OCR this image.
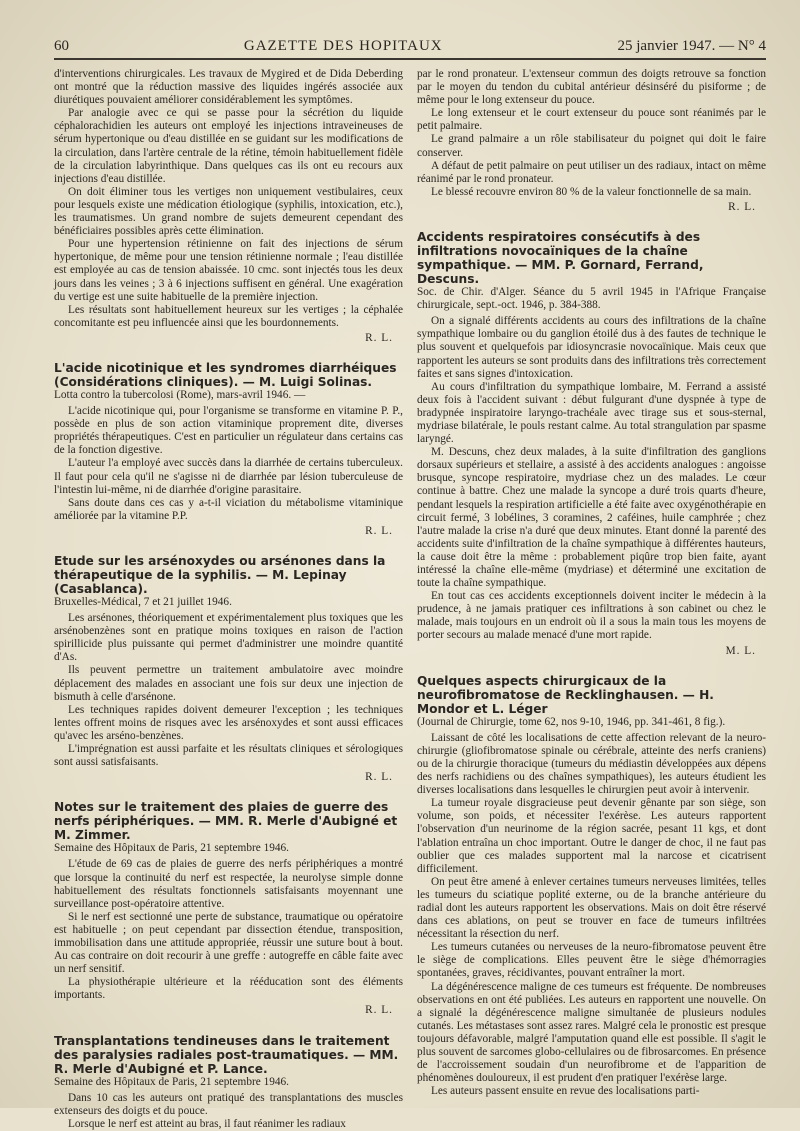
60	GAZETTE DES HOPITAUX	25 janvier 1947. — N° 4

d'interventions chirurgicales. Les travaux de Mygired et de Dida Deberding ont montré que la réduction massive des liquides ingérés associée aux diurétiques pouvaient améliorer considérablement les symptômes.

Par analogie avec ce qui se passe pour la sécrétion du liquide céphalorachidien les auteurs ont employé les injections intraveineuses de sérum hypertonique ou d'eau distillée en se guidant sur les modifications de la circulation, dans l'artère centrale de la rétine, témoin habituellement fidèle de la circulation labyrinthique. Dans quelques cas ils ont eu recours aux injections d'eau distillée.

On doit éliminer tous les vertiges non uniquement vestibulaires, ceux pour lesquels existe une médication étiologique (syphilis, intoxication, etc.), les traumatismes. Un grand nombre de sujets demeurent cependant des bénéficiaires possibles après cette élimination.

Pour une hypertension rétinienne on fait des injections de sérum hypertonique, de même pour une tension rétinienne normale ; l'eau distillée est employée au cas de tension abaissée. 10 cmc. sont injectés tous les deux jours dans les veines ; 3 à 6 injections suffisent en général. Une exagération du vertige est une suite habituelle de la première injection.

Les résultats sont habituellement heureux sur les vertiges ; la céphalée concomitante est peu influencée ainsi que les bourdonnements.

R. L.
L'acide nicotinique et les syndromes diarrhéiques (Considérations cliniques). — M. Luigi Solinas.
Lotta contro la tubercolosi (Rome), mars-avril 1946. —

L'acide nicotinique qui, pour l'organisme se transforme en vitamine P. P., possède en plus de son action vitaminique proprement dite, diverses propriétés thérapeutiques. C'est en particulier un régulateur dans certains cas de la fonction digestive.

L'auteur l'a employé avec succès dans la diarrhée de certains tuberculeux. Il faut pour cela qu'il ne s'agisse ni de diarrhée par lésion tuberculeuse de l'intestin lui-même, ni de diarrhée d'origine parasitaire.

Sans doute dans ces cas y a-t-il viciation du métabolisme vitaminique améliorée par la vitamine P.P.

R. L.
Etude sur les arsénoxydes ou arsénones dans la thérapeutique de la syphilis. — M. Lepinay (Casablanca).
Bruxelles-Médical, 7 et 21 juillet 1946.

Les arsénones, théoriquement et expérimentalement plus toxiques que les arsénobenzènes sont en pratique moins toxiques en raison de l'action spirillicide plus puissante qui permet d'administrer une moindre quantité d'As.

Ils peuvent permettre un traitement ambulatoire avec moindre déplacement des malades en associant une fois sur deux une injection de bismuth à celle d'arsénone.

Les techniques rapides doivent demeurer l'exception ; les techniques lentes offrent moins de risques avec les arsénoxydes et sont aussi efficaces qu'avec les arséno-benzènes.

L'imprégnation est aussi parfaite et les résultats cliniques et sérologiques sont aussi satisfaisants.

R. L.
Notes sur le traitement des plaies de guerre des nerfs périphériques. — MM. R. Merle d'Aubigné et M. Zimmer.
Semaine des Hôpitaux de Paris, 21 septembre 1946.

L'étude de 69 cas de plaies de guerre des nerfs périphériques a montré que lorsque la continuité du nerf est respectée, la neurolyse simple donne habituellement des résultats fonctionnels satisfaisants moyennant une surveillance post-opératoire attentive.

Si le nerf est sectionné une perte de substance, traumatique ou opératoire est habituelle ; on peut cependant par dissection étendue, transposition, immobilisation dans une attitude appropriée, réussir une suture bout à bout. Au cas contraire on doit recourir à une greffe : autogreffe en câble faite avec un nerf sensitif.

La physiothérapie ultérieure et la rééducation sont des éléments importants.

R. L.
Transplantations tendineuses dans le traitement des paralysies radiales post-traumatiques. — MM. R. Merle d'Aubigné et P. Lance.
Semaine des Hôpitaux de Paris, 21 septembre 1946.

Dans 10 cas les auteurs ont pratiqué des transplantations des muscles extenseurs des doigts et du pouce.

Lorsque le nerf est atteint au bras, il faut réanimer les radiaux

par le rond pronateur. L'extenseur commun des doigts retrouve sa fonction par le moyen du tendon du cubital antérieur désinséré du pisiforme ; de même pour le long extenseur du pouce.

Le long extenseur et le court extenseur du pouce sont réanimés par le petit palmaire.

Le grand palmaire a un rôle stabilisateur du poignet qui doit le faire conserver.

A défaut de petit palmaire on peut utiliser un des radiaux, intact on même réanimé par le rond pronateur.

Le blessé recouvre environ 80 % de la valeur fonctionnelle de sa main.

R. L.
Accidents respiratoires consécutifs à des infiltrations novocaïniques de la chaîne sympathique. — MM. P. Gornard, Ferrand, Descuns.
Soc. de Chir. d'Alger. Séance du 5 avril 1945 in l'Afrique Française chirurgicale, sept.-oct. 1946, p. 384-388.

On a signalé différents accidents au cours des infiltrations de la chaîne sympathique lombaire ou du ganglion étoilé dus à des fautes de technique le plus souvent et quelquefois par idiosyncrasie novocaïnique. Mais ceux que rapportent les auteurs se sont produits dans des infiltrations très correctement faites et sans signes d'intoxication.

Au cours d'infiltration du sympathique lombaire, M. Ferrand a assisté deux fois à l'accident suivant : début fulgurant d'une dyspnée à type de bradypnée inspiratoire laryngo-trachéale avec tirage sus et sous-sternal, mydriase bilatérale, le pouls restant calme. Au total strangulation par spasme laryngé.

M. Descuns, chez deux malades, à la suite d'infiltration des ganglions dorsaux supérieurs et stellaire, a assisté à des accidents analogues : angoisse brusque, syncope respiratoire, mydriase chez un des malades. Le cœur continue à battre. Chez une malade la syncope a duré trois quarts d'heure, pendant lesquels la respiration artificielle a été faite avec oxygénothérapie en circuit fermé, 3 lobélines, 3 coramines, 2 caféines, huile camphrée ; chez l'autre malade la crise n'a duré que deux minutes. Etant donné la parenté des accidents suite d'infiltration de la chaîne sympathique à différentes hauteurs, la cause doit être la même : probablement piqûre trop bien faite, ayant intéressé la chaîne elle-même (mydriase) et déterminé une excitation de toute la chaîne sympathique.

En tout cas ces accidents exceptionnels doivent inciter le médecin à la prudence, à ne jamais pratiquer ces infiltrations à son cabinet ou chez le malade, mais toujours en un endroit où il a sous la main tous les moyens de porter secours au malade menacé d'une mort rapide.

M. L.
Quelques aspects chirurgicaux de la neurofibromatose de Recklinghausen. — H. Mondor et L. Léger
(Journal de Chirurgie, tome 62, nos 9-10, 1946, pp. 341-461, 8 fig.).

Laissant de côté les localisations de cette affection relevant de la neuro-chirurgie (gliofibromatose spinale ou cérébrale, atteinte des nerfs craniens) ou de la chirurgie thoracique (tumeurs du médiastin développées aux dépens des nerfs rachidiens ou des chaînes sympathiques), les auteurs étudient les diverses localisations dans lesquelles le chirurgien peut avoir à intervenir.

La tumeur royale disgracieuse peut devenir gênante par son siège, son volume, son poids, et nécessiter l'exérèse. Les auteurs rapportent l'observation d'un neurinome de la région sacrée, pesant 11 kgs, et dont l'ablation entraîna un choc important. Outre le danger de choc, il ne faut pas oublier que ces malades supportent mal la narcose et cicatrisent difficilement.

On peut être amené à enlever certaines tumeurs nerveuses limitées, telles les tumeurs du sciatique poplité externe, ou de la branche antérieure du radial dont les auteurs rapportent les observations. Mais on doit être réservé dans ces ablations, on peut se trouver en face de tumeurs infiltrées nécessitant la résection du nerf.

Les tumeurs cutanées ou nerveuses de la neuro-fibromatose peuvent être le siège de complications. Elles peuvent être le siège d'hémorragies spontanées, graves, récidivantes, pouvant entraîner la mort.

La dégénérescence maligne de ces tumeurs est fréquente. De nombreuses observations en ont été publiées. Les auteurs en rapportent une nouvelle. On a signalé la dégénérescence maligne simultanée de plusieurs nodules cutanés. Les métastases sont assez rares. Malgré cela le pronostic est presque toujours défavorable, malgré l'amputation quand elle est possible. Il s'agit le plus souvent de sarcomes globo-cellulaires ou de fibrosarcomes. En présence de l'accroissement soudain d'un neurofibrome et de l'apparition de phénomènes douloureux, il est prudent d'en pratiquer l'exérèse large.

Les auteurs passent ensuite en revue des localisations parti-
